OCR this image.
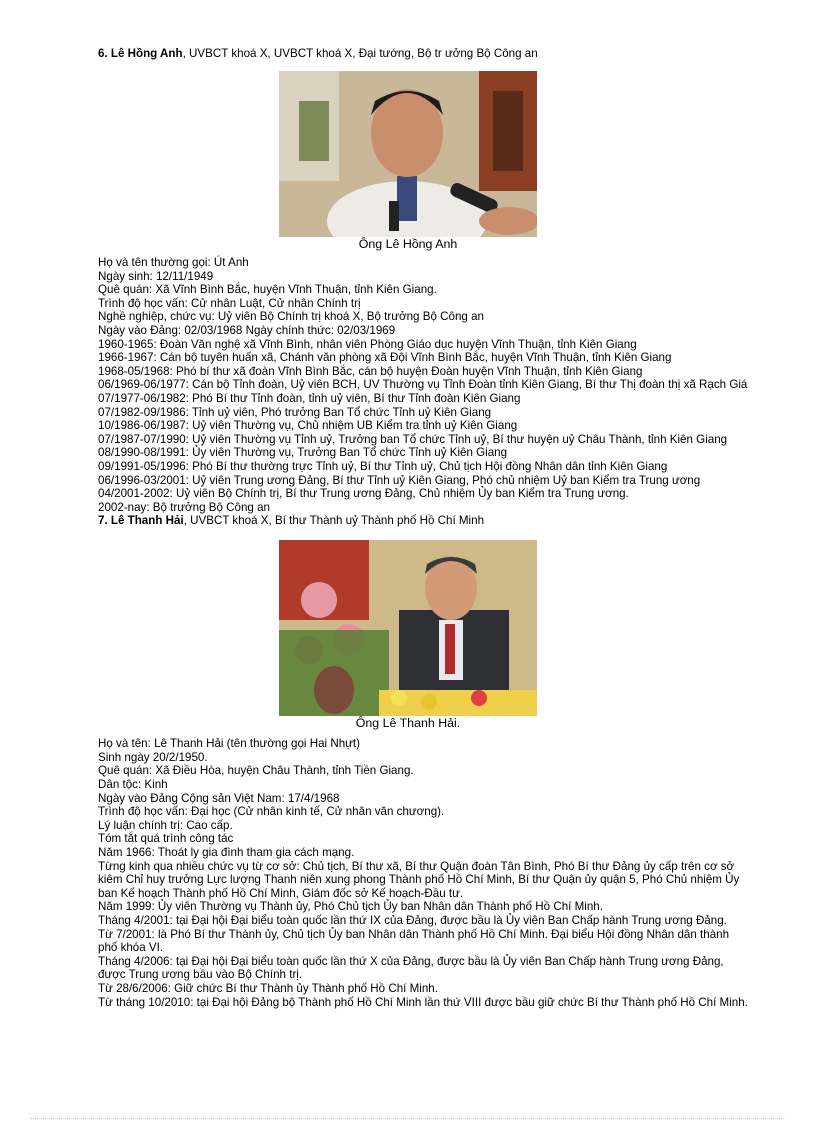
6. Lê Hồng Anh, UVBCT khoá X, UVBCT khoá X, Đại tướng, Bộ tr ưởng Bộ Công an

Ông Lê Hồng Anh

Họ và tên thường gọi: Út Anh

Ngày sinh: 12/11/1949

Quê quán: Xã Vĩnh Bình Bắc, huyện Vĩnh Thuận, tỉnh Kiên Giang.

Trình độ học vấn: Cử nhân Luật, Cử nhân Chính trị

Nghề nghiệp, chức vụ: Uỷ viên Bộ Chính trị khoá X, Bộ trưởng Bộ Công an

Ngày vào Đảng: 02/03/1968 Ngày chính thức: 02/03/1969

1960-1965: Đoàn Văn nghệ xã Vĩnh Bình, nhân viên Phòng Giáo dục huyện Vĩnh Thuận, tỉnh Kiên Giang

1966-1967: Cán bộ tuyên huấn xã, Chánh văn phòng xã Đội Vĩnh Bình Bắc, huyện Vĩnh Thuận, tỉnh Kiên Giang

1968-05/1968: Phó bí thư xã đoàn Vĩnh Bình Bắc, cán bộ huyện Đoàn huyện Vĩnh Thuận, tỉnh Kiên Giang

06/1969-06/1977: Cán bộ Tỉnh đoàn, Uỷ viên BCH, UV Thường vụ Tỉnh Đoàn tỉnh Kiên Giang, Bí thư Thị đoàn thị xã Rạch Giá

07/1977-06/1982: Phó Bí thư Tỉnh đoàn, tỉnh uỷ viên, Bí thư Tỉnh đoàn Kiên Giang

07/1982-09/1986: Tỉnh uỷ viên, Phó trưởng Ban Tổ chức Tỉnh uỷ Kiên Giang

10/1986-06/1987: Uỷ viên Thường vụ, Chủ nhiệm UB Kiểm tra tỉnh uỷ Kiên Giang

07/1987-07/1990: Uỷ viên Thường vụ Tỉnh uỷ, Trưởng ban Tổ chức Tỉnh uỷ, Bí thư huyện uỷ Châu Thành, tỉnh Kiên Giang

08/1990-08/1991: Ủy viên Thường vụ, Trưởng Ban Tổ chức Tỉnh uỷ Kiên Giang

09/1991-05/1996: Phó Bí thư thường trực Tỉnh uỷ, Bí thư Tỉnh uỷ, Chủ tịch Hội đồng Nhân dân tỉnh Kiên Giang

06/1996-03/2001: Uỷ viên Trung ương Đảng, Bí thư Tỉnh uỷ Kiên Giang, Phó chủ nhiệm Uỷ ban Kiểm tra Trung ương

04/2001-2002: Uỷ viên Bộ Chính trị, Bí thư Trung ương Đảng, Chủ nhiệm Ủy ban Kiểm tra Trung ương.

2002-nay: Bộ trưởng Bộ Công an

7. Lê Thanh Hải, UVBCT khoá X, Bí thư Thành uỷ Thành phố Hồ Chí Minh

Ông Lê Thanh Hải.

Họ và tên: Lê Thanh Hải (tên thường gọi Hai Nhựt)

Sinh ngày 20/2/1950.

Quê quán: Xã Điều Hòa, huyện Châu Thành, tỉnh Tiền Giang.

Dân tộc: Kinh

Ngày vào Đảng Cộng sản Việt Nam: 17/4/1968

Trình độ học vấn: Đại học (Cử nhân kinh tế, Cử nhân văn chương).

Lý luận chính trị: Cao cấp.

Tóm tắt quá trình công tác

Năm 1966: Thoát ly gia đình tham gia cách mạng.

Từng kinh qua nhiều chức vụ từ cơ sở: Chủ tịch, Bí thư xã, Bí thư Quận đoàn Tân Bình, Phó Bí thư Đảng ủy cấp trên cơ sở kiêm Chỉ huy trưởng Lực lượng Thanh niên xung phong Thành phố Hồ Chí Minh, Bí thư Quận ủy quận 5, Phó Chủ nhiệm Ủy ban Kế hoạch Thành phố Hồ Chí Minh, Giám đốc sở Kế hoạch-Đầu tư.

Năm 1999: Ủy viên Thường vụ Thành ủy, Phó Chủ tịch Ủy ban Nhân dân Thành phố Hồ Chí Minh.

Tháng 4/2001: tại Đại hội Đại biểu toàn quốc lần thứ IX của Đảng, được bầu là Ủy viên Ban Chấp hành Trung ương Đảng.

Từ 7/2001: là Phó Bí thư Thành ủy, Chủ tịch Ủy ban Nhân dân Thành phố Hồ Chí Minh. Đại biểu Hội đồng Nhân dân thành phố khóa VI.

Tháng 4/2006: tại Đại hội Đại biểu toàn quốc lần thứ X của Đảng, được bầu là Ủy viên Ban Chấp hành Trung ương Đảng, được Trung ương bầu vào Bộ Chính trị.

Từ 28/6/2006: Giữ chức Bí thư Thành ủy Thành phố Hồ Chí Minh.

Từ tháng 10/2010: tại Đại hội Đảng bộ Thành phố Hồ Chí Minh lần thứ VIII được bầu giữ chức Bí thư Thành phố Hồ Chí Minh.
